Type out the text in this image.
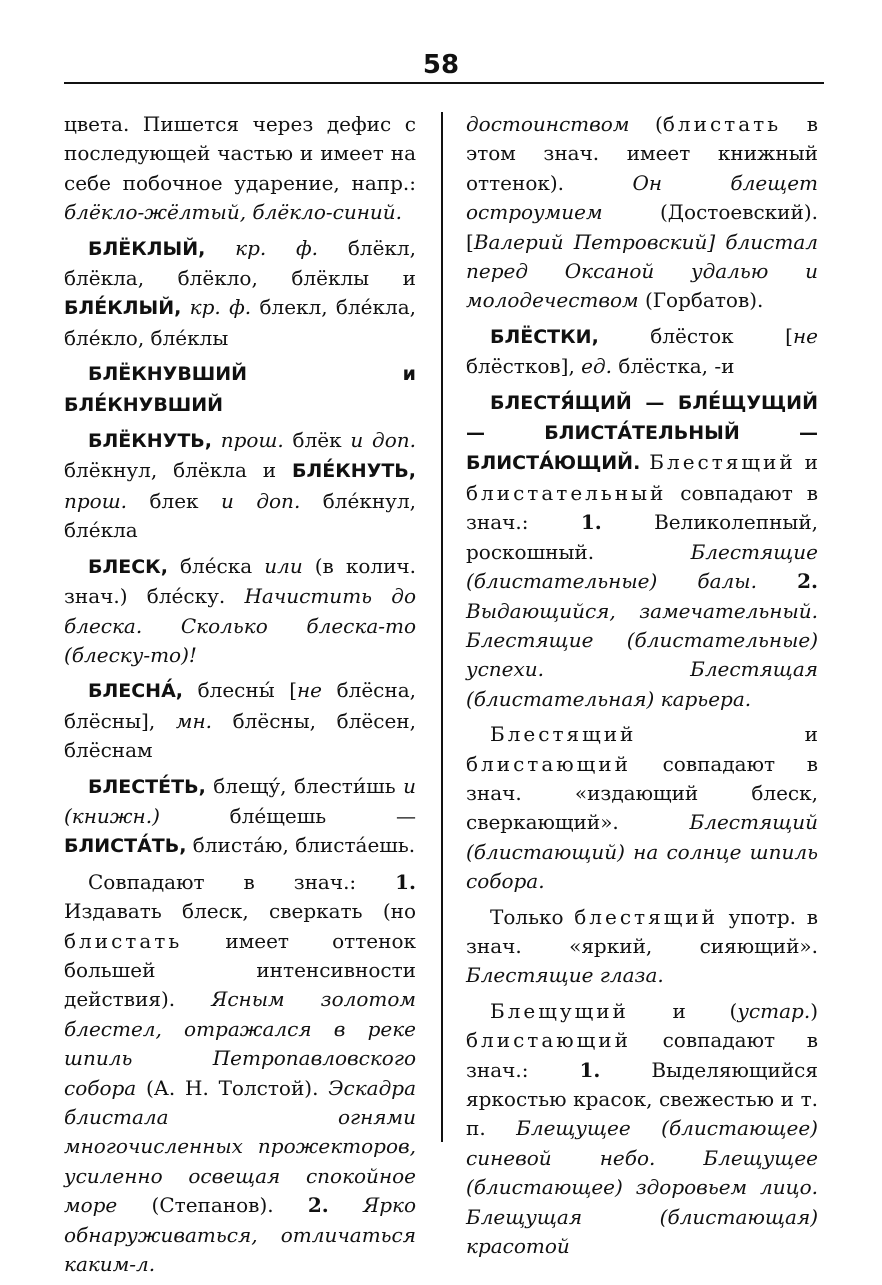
58

цвета. Пишется через дефис с последующей частью и имеет на себе побочное ударение, напр.: блёкло-жёлтый, блёкло-синий.

БЛЁКЛЫЙ, кр. ф. блёкл, блёкла, блёкло, блёклы и БЛЕ́КЛЫЙ, кр. ф. блекл, бле́кла, бле́кло, бле́клы

БЛЁКНУВШИЙ и БЛЕ́КНУВШИЙ

БЛЁКНУТЬ, прош. блёк и доп. блёкнул, блёкла и БЛЕ́КНУТЬ, прош. блек и доп. бле́кнул, бле́кла

БЛЕСК, бле́ска или (в колич. знач.) бле́ску. Начистить до блеска. Сколько блеска-то (блеску-то)!

БЛЕСНА́, блесны́ [не блёсна, блёсны], мн. блёсны, блёсен, блёснам

БЛЕСТЕ́ТЬ, блещу́, блести́шь и (книжн.) бле́щешь — БЛИСТА́ТЬ, блиста́ю, блиста́ешь.

Совпадают в знач.: 1. Издавать блеск, сверкать (но блистать имеет оттенок большей интенсивности действия). Ясным золотом блестел, отражался в реке шпиль Петропавловского собора (А. Н. Толстой). Эскадра блистала огнями многочисленных прожекторов, усиленно освещая спокойное море (Степанов). 2. Ярко обнаруживаться, отличаться каким-л.

достоинством (блистать в этом знач. имеет книжный оттенок). Он блещет остроумием (Достоевский). [Валерий Петровский] блистал перед Оксаной удалью и молодечеством (Горбатов).

БЛЁСТКИ, блёсток [не блёстков], ед. блёстка, -и

БЛЕСТЯ́ЩИЙ — БЛЕ́ЩУЩИЙ — БЛИСТА́ТЕЛЬНЫЙ — БЛИСТА́ЮЩИЙ. Блестящий и блистательный совпадают в знач.: 1. Великолепный, роскошный. Блестящие (блистательные) балы. 2. Выдающийся, замечательный. Блестящие (блистательные) успехи. Блестящая (блистательная) карьера.

Блестящий и блистающий совпадают в знач. «издающий блеск, сверкающий». Блестящий (блистающий) на солнце шпиль собора.

Только блестящий употр. в знач. «яркий, сияющий». Блестящие глаза.

Блещущий и (устар.) блистающий совпадают в знач.: 1. Выделяющийся яркостью красок, свежестью и т. п. Блещущее (блистающее) синевой небо. Блещущее (блистающее) здоровьем лицо. Блещущая (блистающая) красотой
